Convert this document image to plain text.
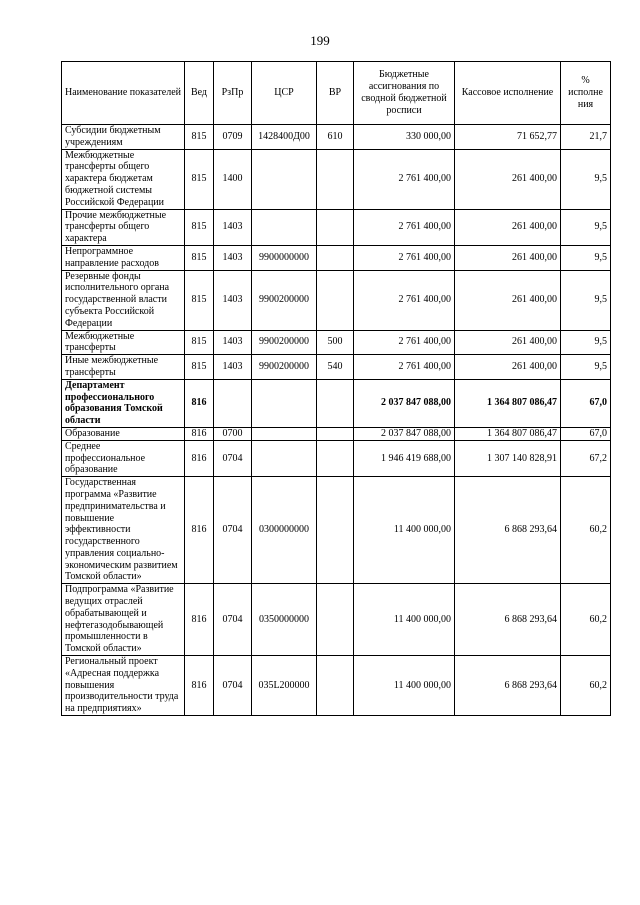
199
Наименование показателей	Вед	РзПр	ЦСР	ВР	Бюджетные ассигнования по сводной бюджетной росписи	Кассовое исполнение	% исполне ния
Субсидии бюджетным учреждениям	815	0709	1428400Д00	610	330 000,00	71 652,77	21,7
Межбюджетные трансферты общего характера бюджетам бюджетной системы Российской Федерации	815	1400			2 761 400,00	261 400,00	9,5
Прочие межбюджетные трансферты общего характера	815	1403			2 761 400,00	261 400,00	9,5
Непрограммное направление расходов	815	1403	9900000000		2 761 400,00	261 400,00	9,5
Резервные фонды исполнительного органа государственной власти субъекта Российской Федерации	815	1403	9900200000		2 761 400,00	261 400,00	9,5
Межбюджетные трансферты	815	1403	9900200000	500	2 761 400,00	261 400,00	9,5
Иные межбюджетные трансферты	815	1403	9900200000	540	2 761 400,00	261 400,00	9,5
Департамент профессионального образования Томской области	816				2 037 847 088,00	1 364 807 086,47	67,0
Образование	816	0700			2 037 847 088,00	1 364 807 086,47	67,0
Среднее профессиональное образование	816	0704			1 946 419 688,00	1 307 140 828,91	67,2
Государственная программа «Развитие предпринимательства и повышение эффективности государственного управления социально-экономическим развитием Томской области»	816	0704	0300000000		11 400 000,00	6 868 293,64	60,2
Подпрограмма «Развитие ведущих отраслей обрабатывающей и нефтегазодобывающей промышленности в Томской области»	816	0704	0350000000		11 400 000,00	6 868 293,64	60,2
Региональный проект «Адресная поддержка повышения производительности труда на предприятиях»	816	0704	035L200000		11 400 000,00	6 868 293,64	60,2
